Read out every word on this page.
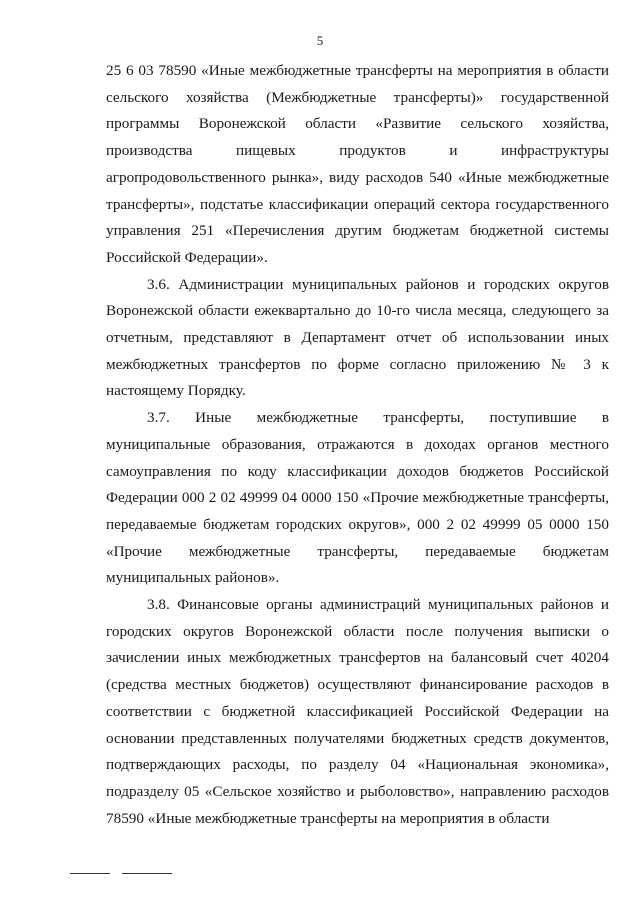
5

25 6 03 78590 «Иные межбюджетные трансферты на мероприятия в области сельского хозяйства (Межбюджетные трансферты)» государственной программы Воронежской области «Развитие сельского хозяйства, производства пищевых продуктов и инфраструктуры агропродовольственного рынка», виду расходов 540 «Иные межбюджетные трансферты», подстатье классификации операций сектора государственного управления 251 «Перечисления другим бюджетам бюджетной системы Российской Федерации».

3.6. Администрации муниципальных районов и городских округов Воронежской области ежеквартально до 10-го числа месяца, следующего за отчетным, представляют в Департамент отчет об использовании иных межбюджетных трансфертов по форме согласно приложению № 3 к настоящему Порядку.

3.7. Иные межбюджетные трансферты, поступившие в муниципальные образования, отражаются в доходах органов местного самоуправления по коду классификации доходов бюджетов Российской Федерации 000 2 02 49999 04 0000 150 «Прочие межбюджетные трансферты, передаваемые бюджетам городских округов», 000 2 02 49999 05 0000 150 «Прочие межбюджетные трансферты, передаваемые бюджетам муниципальных районов».

3.8. Финансовые органы администраций муниципальных районов и городских округов Воронежской области после получения выписки о зачислении иных межбюджетных трансфертов на балансовый счет 40204 (средства местных бюджетов) осуществляют финансирование расходов в соответствии с бюджетной классификацией Российской Федерации на основании представленных получателями бюджетных средств документов, подтверждающих расходы, по разделу 04 «Национальная экономика», подразделу 05 «Сельское хозяйство и рыболовство», направлению расходов 78590 «Иные межбюджетные трансферты на мероприятия в области
